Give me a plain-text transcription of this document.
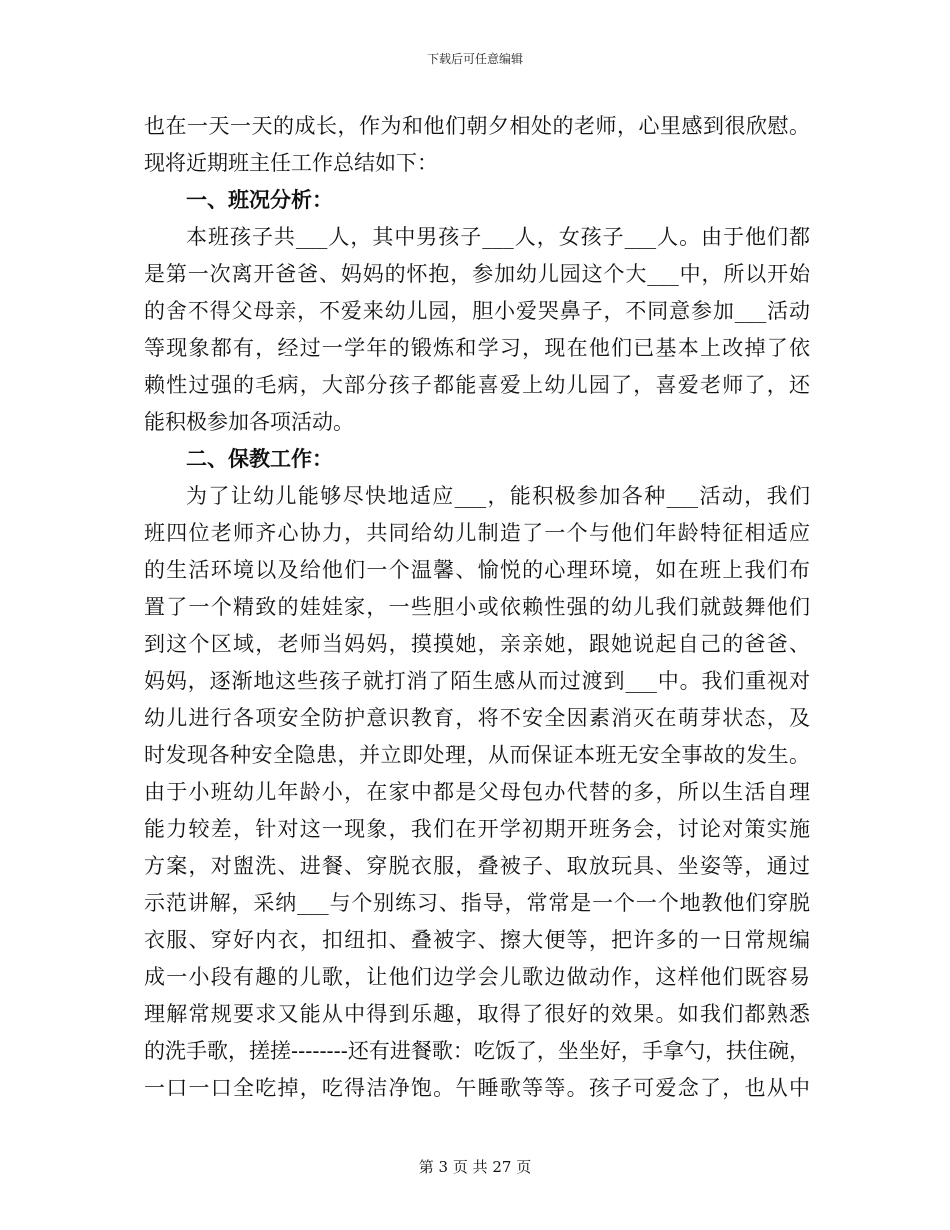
下载后可任意编辑
也在一天一天的成长，作为和他们朝夕相处的老师，心里感到很欣慰。
现将近期班主任工作总结如下：
一、班况分析：
本班孩子共___人，其中男孩子___人，女孩子___人。由于他们都
是第一次离开爸爸、妈妈的怀抱，参加幼儿园这个大___中，所以开始
的舍不得父母亲，不爱来幼儿园，胆小爱哭鼻子，不同意参加___活动
等现象都有，经过一学年的锻炼和学习，现在他们已基本上改掉了依
赖性过强的毛病，大部分孩子都能喜爱上幼儿园了，喜爱老师了，还
能积极参加各项活动。
二、保教工作：
为了让幼儿能够尽快地适应___，能积极参加各种___活动，我们
班四位老师齐心协力，共同给幼儿制造了一个与他们年龄特征相适应
的生活环境以及给他们一个温馨、愉悦的心理环境，如在班上我们布
置了一个精致的娃娃家，一些胆小或依赖性强的幼儿我们就鼓舞他们
到这个区域，老师当妈妈，摸摸她，亲亲她，跟她说起自己的爸爸、
妈妈，逐渐地这些孩子就打消了陌生感从而过渡到___中。我们重视对
幼儿进行各项安全防护意识教育，将不安全因素消灭在萌芽状态，及
时发现各种安全隐患，并立即处理，从而保证本班无安全事故的发生。
由于小班幼儿年龄小，在家中都是父母包办代替的多，所以生活自理
能力较差，针对这一现象，我们在开学初期开班务会，讨论对策实施
方案，对盥洗、进餐、穿脱衣服，叠被子、取放玩具、坐姿等，通过
示范讲解，采纳___与个别练习、指导，常常是一个一个地教他们穿脱
衣服、穿好内衣，扣纽扣、叠被字、擦大便等，把许多的一日常规编
成一小段有趣的儿歌，让他们边学会儿歌边做动作，这样他们既容易
理解常规要求又能从中得到乐趣，取得了很好的效果。如我们都熟悉
的洗手歌，搓搓--------还有进餐歌：吃饭了，坐坐好，手拿勺，扶住碗，
一口一口全吃掉，吃得洁净饱。午睡歌等等。孩子可爱念了，也从中
第 3 页 共 27 页
